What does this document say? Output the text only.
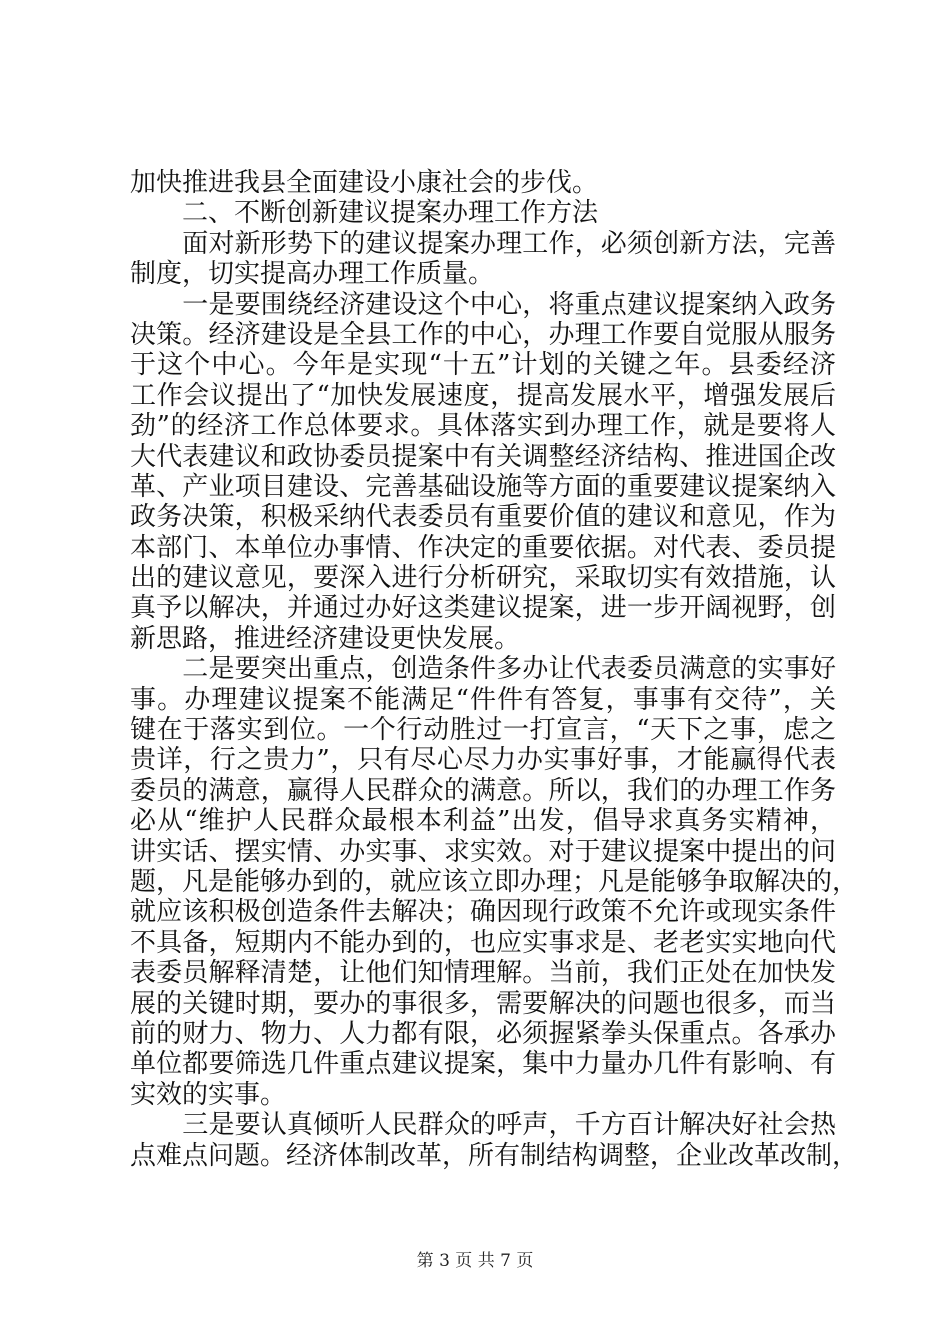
加快推进我县全面建设小康社会的步伐。
　　二、不断创新建议提案办理工作方法
　　面对新形势下的建议提案办理工作，必须创新方法，完善
制度，切实提高办理工作质量。
　　一是要围绕经济建设这个中心，将重点建议提案纳入政务
决策。经济建设是全县工作的中心，办理工作要自觉服从服务
于这个中心。今年是实现“十五”计划的关键之年。县委经济
工作会议提出了“加快发展速度，提高发展水平，增强发展后
劲”的经济工作总体要求。具体落实到办理工作，就是要将人
大代表建议和政协委员提案中有关调整经济结构、推进国企改
革、产业项目建设、完善基础设施等方面的重要建议提案纳入
政务决策，积极采纳代表委员有重要价值的建议和意见，作为
本部门、本单位办事情、作决定的重要依据。对代表、委员提
出的建议意见，要深入进行分析研究，采取切实有效措施，认
真予以解决，并通过办好这类建议提案，进一步开阔视野，创
新思路，推进经济建设更快发展。
　　二是要突出重点，创造条件多办让代表委员满意的实事好
事。办理建议提案不能满足“件件有答复，事事有交待”，关
键在于落实到位。一个行动胜过一打宣言，“天下之事，虑之
贵详，行之贵力”，只有尽心尽力办实事好事，才能赢得代表
委员的满意，赢得人民群众的满意。所以，我们的办理工作务
必从“维护人民群众最根本利益”出发，倡导求真务实精神，
讲实话、摆实情、办实事、求实效。对于建议提案中提出的问
题，凡是能够办到的，就应该立即办理；凡是能够争取解决的，
就应该积极创造条件去解决；确因现行政策不允许或现实条件
不具备，短期内不能办到的，也应实事求是、老老实实地向代
表委员解释清楚，让他们知情理解。当前，我们正处在加快发
展的关键时期，要办的事很多，需要解决的问题也很多，而当
前的财力、物力、人力都有限，必须握紧拳头保重点。各承办
单位都要筛选几件重点建议提案，集中力量办几件有影响、有
实效的实事。
　　三是要认真倾听人民群众的呼声，千方百计解决好社会热
点难点问题。经济体制改革，所有制结构调整，企业改革改制，
第 3 页 共 7 页
